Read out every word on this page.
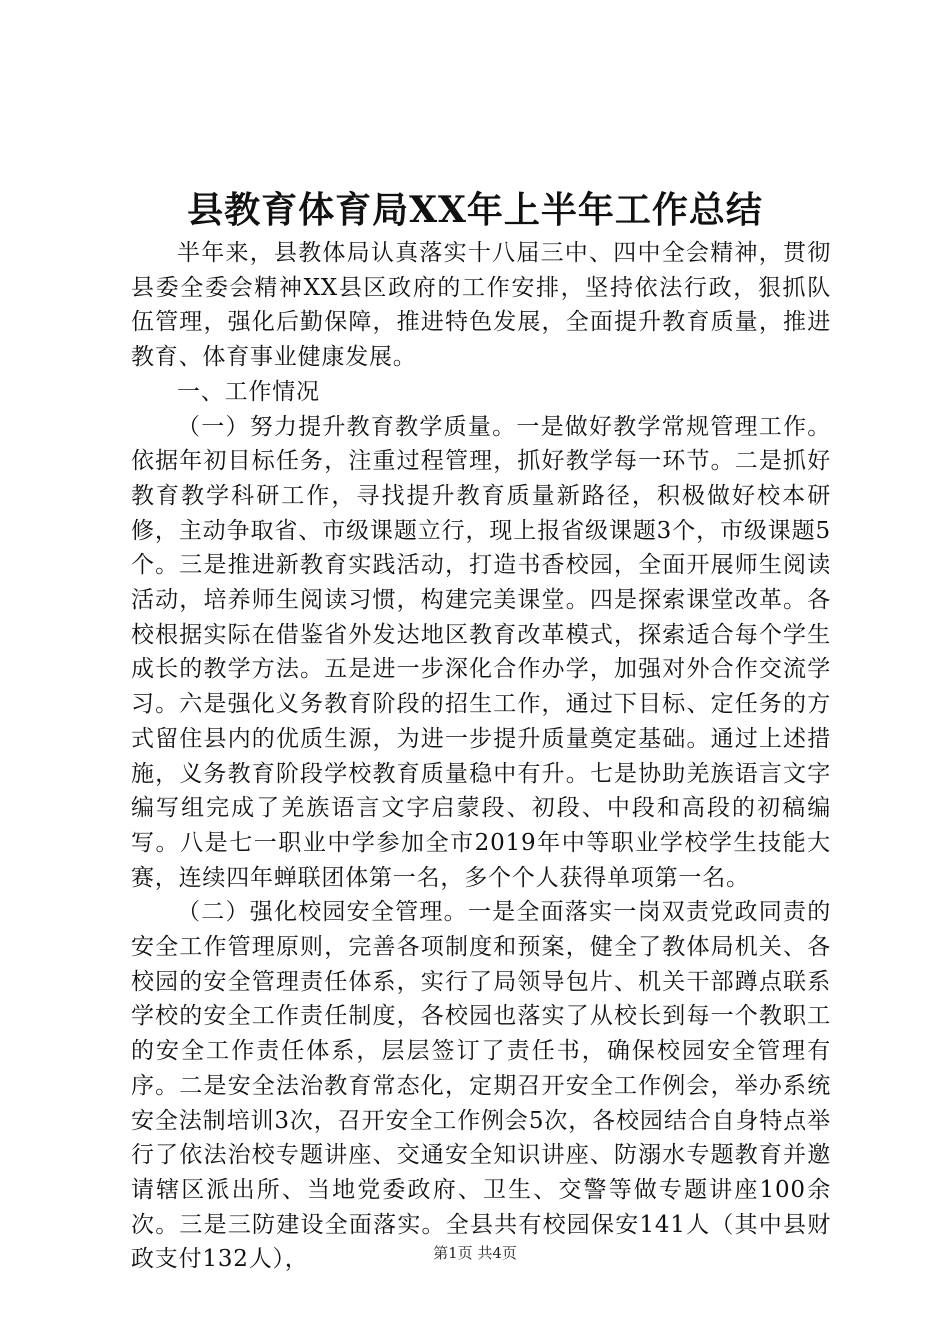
县教育体育局XX年上半年工作总结

半年来，县教体局认真落实十八届三中、四中全会精神，贯彻县委全委会精神XX县区政府的工作安排，坚持依法行政，狠抓队伍管理，强化后勤保障，推进特色发展，全面提升教育质量，推进教育、体育事业健康发展。

一、工作情况

（一）努力提升教育教学质量。一是做好教学常规管理工作。依据年初目标任务，注重过程管理，抓好教学每一环节。二是抓好教育教学科研工作，寻找提升教育质量新路径，积极做好校本研修，主动争取省、市级课题立行，现上报省级课题3个，市级课题5个。三是推进新教育实践活动，打造书香校园，全面开展师生阅读活动，培养师生阅读习惯，构建完美课堂。四是探索课堂改革。各校根据实际在借鉴省外发达地区教育改革模式，探索适合每个学生成长的教学方法。五是进一步深化合作办学，加强对外合作交流学习。六是强化义务教育阶段的招生工作，通过下目标、定任务的方式留住县内的优质生源，为进一步提升质量奠定基础。通过上述措施，义务教育阶段学校教育质量稳中有升。七是协助羌族语言文字编写组完成了羌族语言文字启蒙段、初段、中段和高段的初稿编写。八是七一职业中学参加全市2019年中等职业学校学生技能大赛，连续四年蝉联团体第一名，多个个人获得单项第一名。

（二）强化校园安全管理。一是全面落实一岗双责党政同责的安全工作管理原则，完善各项制度和预案，健全了教体局机关、各校园的安全管理责任体系，实行了局领导包片、机关干部蹲点联系学校的安全工作责任制度，各校园也落实了从校长到每一个教职工的安全工作责任体系，层层签订了责任书，确保校园安全管理有序。二是安全法治教育常态化，定期召开安全工作例会，举办系统安全法制培训3次，召开安全工作例会5次，各校园结合自身特点举行了依法治校专题讲座、交通安全知识讲座、防溺水专题教育并邀请辖区派出所、当地党委政府、卫生、交警等做专题讲座100余次。三是三防建设全面落实。全县共有校园保安141人（其中县财政支付132人），	第1页 共4页
